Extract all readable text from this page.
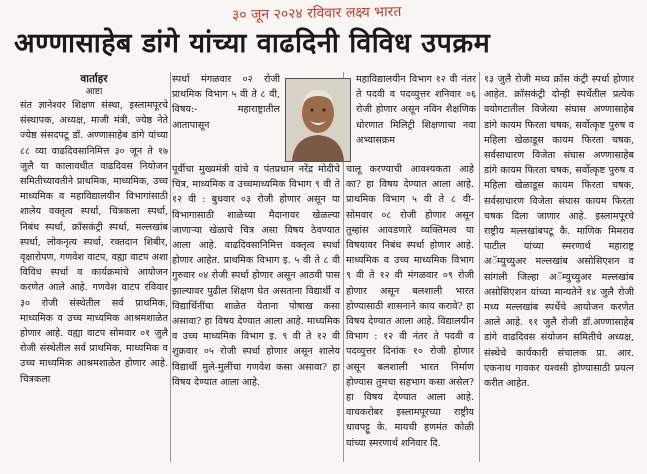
३० जून २०२४ रविवार लक्ष्य भारत
अण्णासाहेब डांगे यांच्या वाढदिनी विविध उपक्रम

वार्ताहर

आष्टा

संत ज्ञानेश्वर शिक्षण संस्था, इस्लामपूरचे संस्थापक, अध्यक्ष, माजी मंत्री, ज्येष्ठ नेते ज्येष्ठ संसदपटू डॉ. अण्णासाहेब डांगे यांच्या ८८ व्या वाढदिवसानिमित्त ३० जून ते १७ जुलै या कालावधीत वाढदिवस नियोजन समितीच्यावतीने प्राथमिक, माध्यमिक, उच्च माध्यमिक व महाविद्यालयीन विभागांसाठी शालेय वक्तृत्व स्पर्धा, चित्रकला स्पर्धा, निबंध स्पर्धा, क्रॉसकंट्री स्पर्धा, मल्लखांब स्पर्धा, लोकनृत्य स्पर्धा, रक्तदान शिबीर, वृक्षारोपण, गणवेश वाटप, वह्या वाटप अशा विविध स्पर्धा व कार्यक्रमांचे आयोजन करणेत आले आहे. गणवेश वाटप रविवार ३० रोजी संस्थेतील सर्व प्राथमिक, माध्यमिक व उच्च माध्यमिक आश्रमशाळेत होणार आहे. वह्या वाटप सोमवार ०१ जुलै रोजी संस्थेतील सर्व प्राथमिक, माध्यमिक व उच्च माध्यमिक आश्रमशाळेत होणार आहे. चित्रकला

स्पर्धा मंगळवार ०२ रोजी प्राथमिक विभाग ५ वी ते ८ वी, विषय:- महाराष्ट्रातील आतापासून

पूर्वीचा मुख्यमंत्री यांचे व पंतप्रधान नरेंद्र मोदीचे चित्र, माध्यमिक व उच्चमाध्यमिक विभाग ९ वी ते १२ वी : बुधवार ०३ रोजी होणार असून या विभागासाठी शाळेच्या मैदानावर खेळल्या जाणाऱ्या खेळाचे चित्र असा विषय ठेवण्यात आला आहे. वाढदिवसानिमित्त वक्तृत्व स्पर्धा होणार आहेत. प्राथमिक विभाग इ. ५ वी ते ८ वी गुरुवार ०४ रोजी स्पर्धा होणार असून आठवी पास झाल्यावर पुढील शिक्षण घेत असताना विद्यार्थी व विद्यार्थिनींचा शाळेत येताना पोषाख कसा असावा? हा विषय देण्यात आला आहे. माध्यमिक व उच्च माध्यमिक विभाग इ. ९ वी ते १२ वी शुक्रवार ०५ रोजी स्पर्धा होणार असून शालेय विद्यार्थी मुले-मुलींचा गणवेश कसा असावा? हा विषय देण्यात आला आहे.

महाविद्यालयीन विभाग १२ वी नंतर ते पदवी व पदव्युत्तर शनिवार ०६ रोजी होणार असून नविन शैक्षणिक धोरणात मिलिट्री शिक्षणाचा नवा अभ्यासक्रम

चालू करण्याची आवश्यकता आहे का? हा विषय देण्यात आला आहे. प्राथमिक विभाग ५ वी ते ८ वी-सोमवार ०८ रोजी होणार असून तुम्हांस आवडणारे व्यक्तिमत्व या विषयावर निबंध स्पर्धा होणार आहे. माध्यमिक व उच्च माध्यमिक विभाग ९ वी ते १२ वी मंगळवार ०९ रोजी होणार असून बलशाली भारत होण्यासाठी शासनाने काय करावे? हा विषय देण्यात आला आहे. विद्यालयीन विभाग : १२ वी नंतर ते पदवी व पदव्युत्तर दिनांक १० रोजी होणार असून बलशाली भारत निर्माण होण्यास तुमचा सहभाग कसा असेल? हा विषय देण्यात आला आहे. वाचकरोबर इस्लामपूरच्या राष्ट्रीय धावपट्टू के. मायची हणमंत कोळी यांच्या स्मरणार्थ शनिवार दि.

१३ जुलै रोजी मध्य क्रॉस कंट्री स्पर्धा होणार आहेत. क्रॉसकंट्री दोन्ही स्पर्धेतील प्रत्येक वयोगटातील विजेत्या संघास अण्णासाहेब डांगे कायम फिरता चषक, सर्वोत्कृष्ट पुरुष व महिला खेळाडूस कायम फिरता चषक, सर्वसाधारण विजेता संघास अण्णासाहेब डांगे कायम फिरता चषक, सर्वोत्कृष्ट पुरुष व महिला खेळाडूस कायम फिरता चषक, सर्वसाधारण विजेता संघास कायम फिरता चषक दिला जाणार आहे. इस्लामपूरचे राष्ट्रीय मल्लखांबपटू कै. माणिक मिमराव पाटील यांच्या स्मरणार्थ महाराष्ट्र अॅम्युच्युअर मल्लखांब असोसिएशन व सांगली जिल्हा अॅम्युच्युअर मल्लखांब असोसिएशन यांच्या मान्यतेने १४ जुलै रोजी मध्य मल्लखांब स्पर्धेचे आयोजन करणेत आले आहे. ११ जुलै रोजी डॉ.अण्णासाहेब डांगे वाढदिवस संयोजन समितीचे अध्यक्ष, संस्थेचे कार्यकारी संचालक प्रा. आर. एकनाथ गावकर यश्वसी होण्यासाठी प्रयत्न करीत आहेत.
